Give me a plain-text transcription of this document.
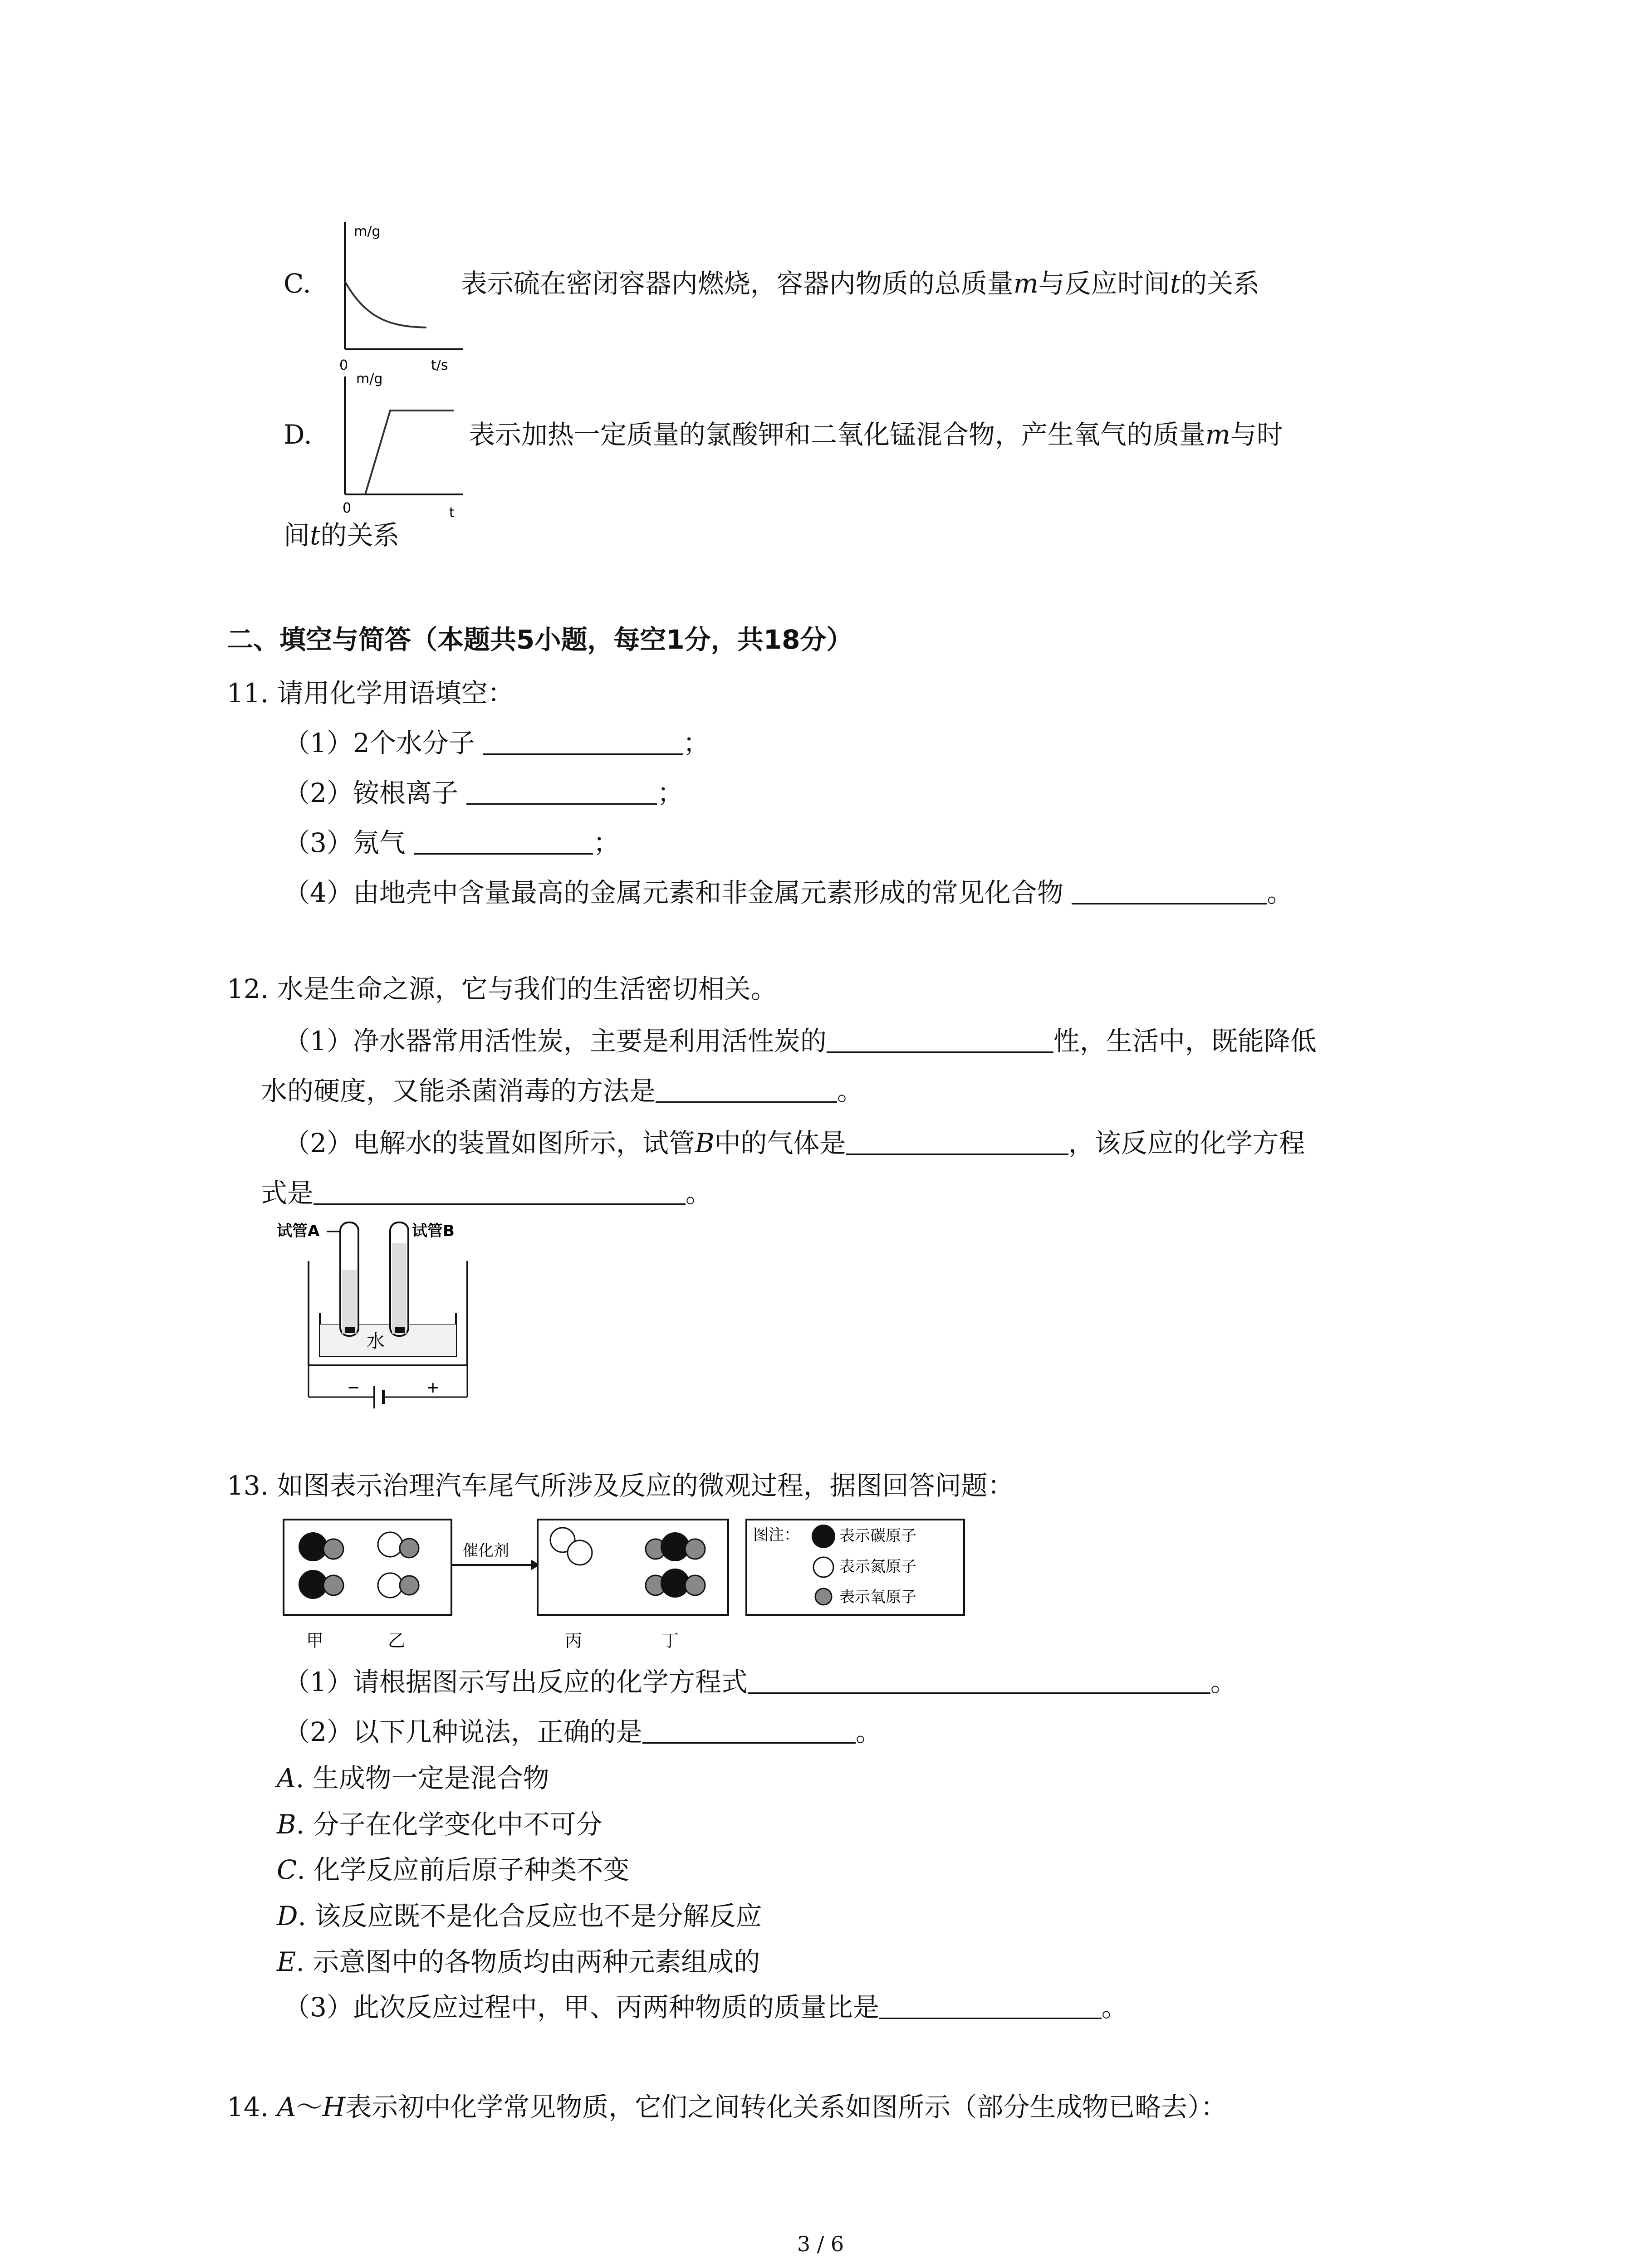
m/g
t/s
0
C.	表示硫在密闭容器内燃烧，容器内物质的总质量m与反应时间t的关系
m/g
t
0
D.	表示加热一定质量的氯酸钾和二氧化锰混合物，产生氧气的质量m与时
间t的关系
二、填空与简答（本题共5小题，每空1分，共18分）
11. 请用化学用语填空：
（1）2个水分子	；
（2）铵根离子	；
（3）氖气	；
（4）由地壳中含量最高的金属元素和非金属元素形成的常见化合物	。
12. 水是生命之源，它与我们的生活密切相关。
（1）净水器常用活性炭，主要是利用活性炭的	性，生活中，既能降低
水的硬度，又能杀菌消毒的方法是	。
（2）电解水的装置如图所示，试管B中的气体是	，该反应的化学方程
式是	。
试管A	试管B
水
−	+
13. 如图表示治理汽车尾气所涉及反应的微观过程，据图回答问题：
催化剂
图注：	表示碳原子
表示氮原子
表示氧原子
甲	乙	丙	丁
（1）请根据图示写出反应的化学方程式	。
（2）以下几种说法，正确的是	。
A. 生成物一定是混合物
B. 分子在化学变化中不可分
C. 化学反应前后原子种类不变
D. 该反应既不是化合反应也不是分解反应
E. 示意图中的各物质均由两种元素组成的
（3）此次反应过程中，甲、丙两种物质的质量比是	。
14. A～H表示初中化学常见物质，它们之间转化关系如图所示（部分生成物已略去）：
3 / 6
